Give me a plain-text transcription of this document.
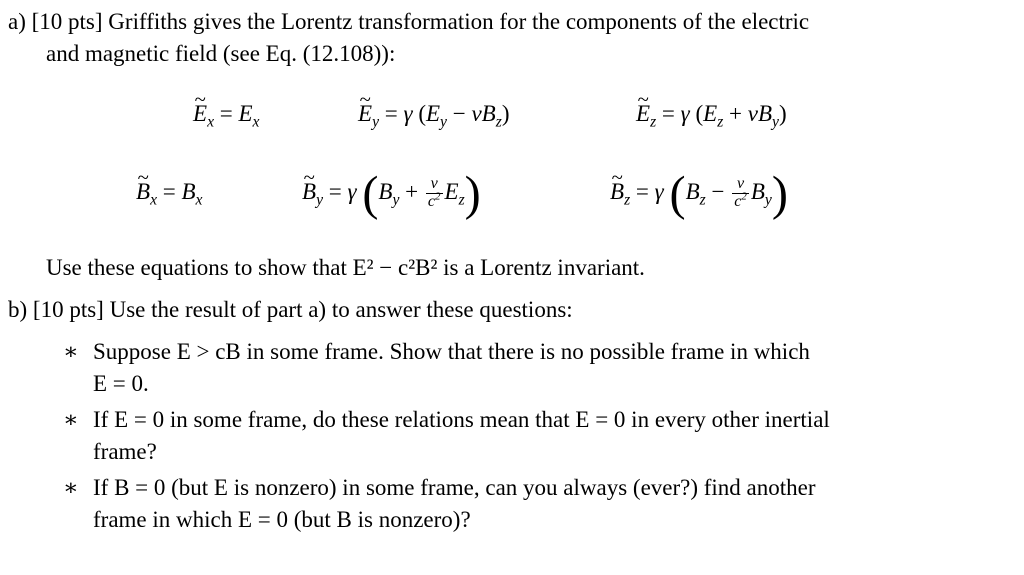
a) [10 pts] Griffiths gives the Lorentz transformation for the components of the electric
and magnetic field (see Eq. (12.108)):
~ $E_x = E_x$	~ $E_y = \gamma$ $(E_y - vB_z)$	~ $E_z = \gamma$ $(E_z + vB_y)$
~ $B_x = B_x$	~ $B_y = \gamma$ $(B_y + \frac{v}{c^2} E_z)$	~ $B_z = \gamma$ $(B_z - \frac{v}{c^2} B_y)$
Use these equations to show that E² − c²B² is a Lorentz invariant.
b) [10 pts] Use the result of part a) to answer these questions:
∗ Suppose E > cB in some frame. Show that there is no possible frame in which
E = 0.
∗ If E = 0 in some frame, do these relations mean that E = 0 in every other inertial
frame?
∗ If B = 0 (but E is nonzero) in some frame, can you always (ever?) find another
frame in which E = 0 (but B is nonzero)?
